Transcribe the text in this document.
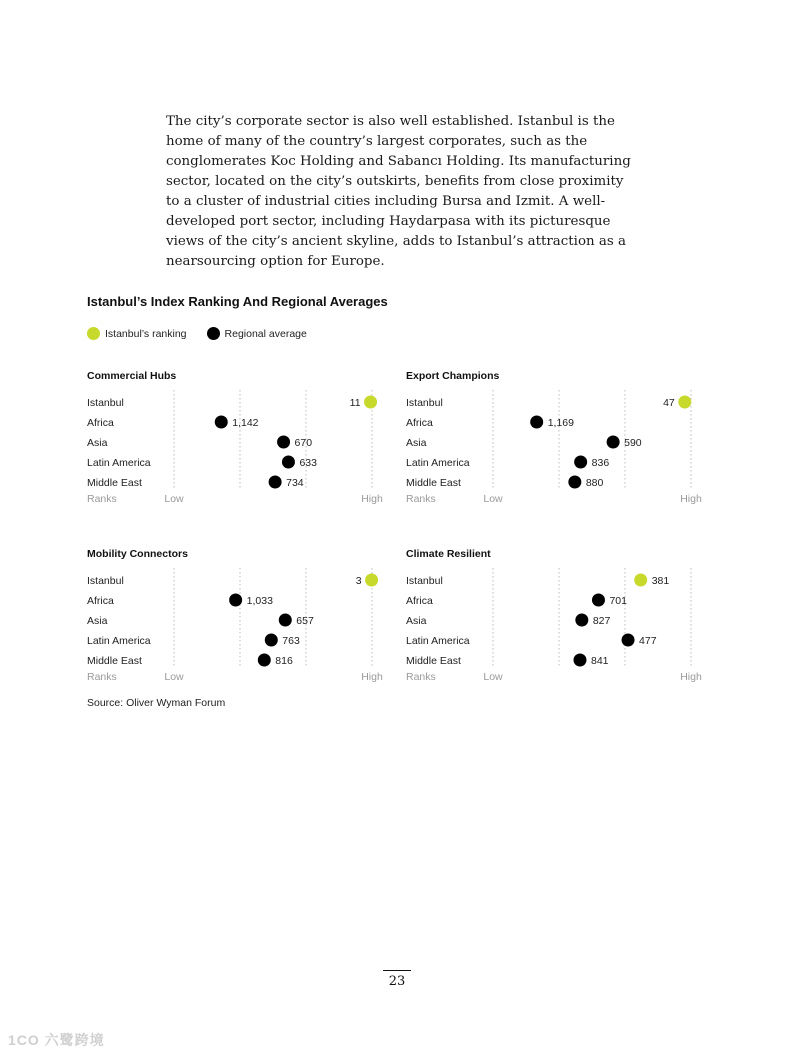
The city’s corporate sector is also well established. Istanbul is the home of many of the country’s largest corporates, such as the conglomerates Koc Holding and Sabancı Holding. Its manufacturing sector, located on the city’s outskirts, benefits from close proximity to a cluster of industrial cities including Bursa and Izmit. A well-developed port sector, including Haydarpasa with its picturesque views of the city’s ancient skyline, adds to Istanbul’s attraction as a nearsourcing option for Europe.

Istanbul’s Index Ranking And Regional Averages
Istanbul’s ranking	Regional average
Commercial Hubs
Istanbul	11
Africa	1,142
Asia	670
Latin America	633
Middle East	734
Ranks	Low	High
Export Champions
Istanbul	47
Africa	1,169
Asia	590
Latin America	836
Middle East	880
Ranks	Low	High
Mobility Connectors
Istanbul	3
Africa	1,033
Asia	657
Latin America	763
Middle East	816
Ranks	Low	High
Climate Resilient
Istanbul	381
Africa	701
Asia	827
Latin America	477
Middle East	841
Ranks	Low	High

Source: Oliver Wyman Forum

23
1CO 六鹭跨境
